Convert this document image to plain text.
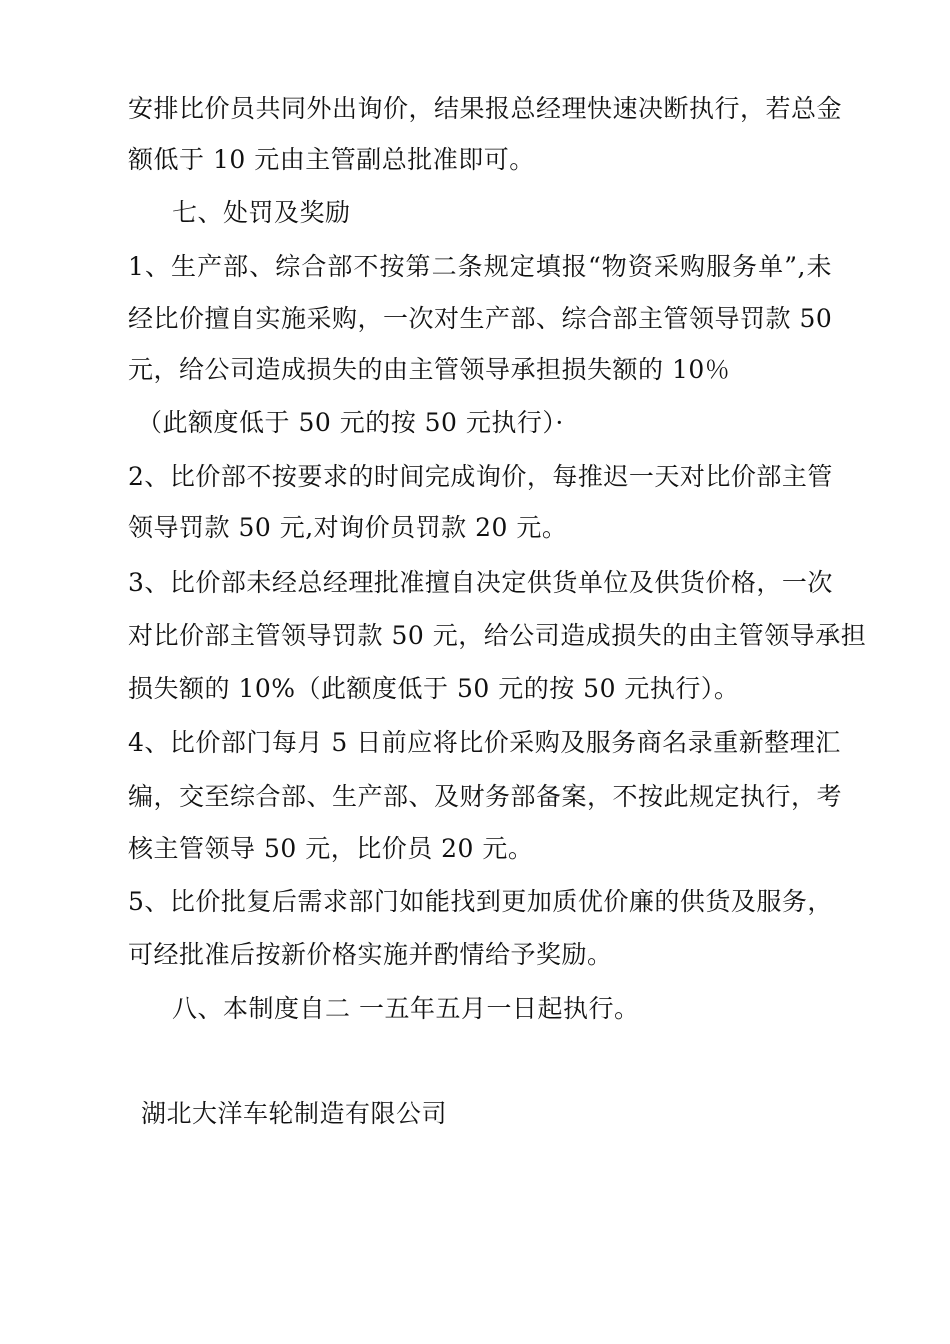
安排比价员共同外出询价，结果报总经理快速决断执行，若总金
额低于 10 元由主管副总批准即可。
七、处罚及奖励
1、生产部、综合部不按第二条规定填报“物资采购服务单”,未
经比价擅自实施采购，一次对生产部、综合部主管领导罚款 50
元，给公司造成损失的由主管领导承担损失额的 10％
（此额度低于 50 元的按 50 元执行）·
2、比价部不按要求的时间完成询价，每推迟一天对比价部主管
领导罚款 50 元,对询价员罚款 20 元。
3、比价部未经总经理批准擅自决定供货单位及供货价格，一次
对比价部主管领导罚款 50 元，给公司造成损失的由主管领导承担
损失额的 10%（此额度低于 50 元的按 50 元执行）。
4、比价部门每月 5 日前应将比价采购及服务商名录重新整理汇
编，交至综合部、生产部、及财务部备案，不按此规定执行，考
核主管领导 50 元，比价员 20 元。
5、比价批复后需求部门如能找到更加质优价廉的供货及服务，
可经批准后按新价格实施并酌情给予奖励。
八、本制度自二 一五年五月一日起执行。
湖北大洋车轮制造有限公司
